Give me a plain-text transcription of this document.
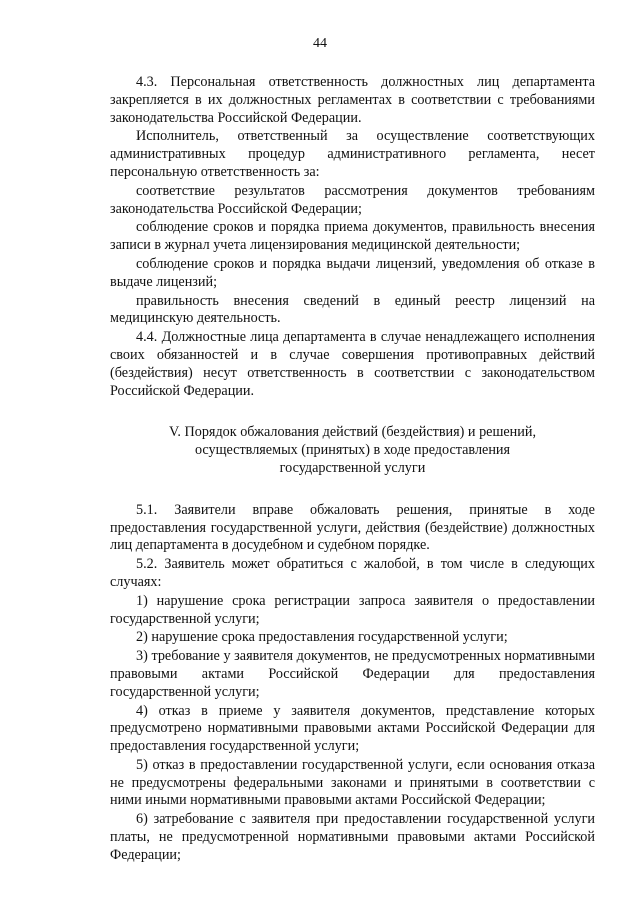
44

4.3. Персональная ответственность должностных лиц департамента закрепляется в их должностных регламентах в соответствии с требованиями законодательства Российской Федерации.

Исполнитель, ответственный за осуществление соответствующих административных процедур административного регламента, несет персональную ответственность за:

соответствие результатов рассмотрения документов требованиям законодательства Российской Федерации;

соблюдение сроков и порядка приема документов, правильность внесения записи в журнал учета лицензирования медицинской деятельности;

соблюдение сроков и порядка выдачи лицензий, уведомления об отказе в выдаче лицензий;

правильность внесения сведений в единый реестр лицензий на медицинскую деятельность.

4.4. Должностные лица департамента в случае ненадлежащего исполнения своих обязанностей и в случае совершения противоправных действий (бездействия) несут ответственность в соответствии с законодательством Российской Федерации.

V. Порядок обжалования действий (бездействия) и решений,
осуществляемых (принятых) в ходе предоставления
государственной услуги

5.1. Заявители вправе обжаловать решения, принятые в ходе предоставления государственной услуги, действия (бездействие) должностных лиц департамента в досудебном и судебном порядке.

5.2. Заявитель может обратиться с жалобой, в том числе в следующих случаях:

1) нарушение срока регистрации запроса заявителя о предоставлении государственной услуги;

2) нарушение срока предоставления государственной услуги;

3) требование у заявителя документов, не предусмотренных нормативными правовыми актами Российской Федерации для предоставления государственной услуги;

4) отказ в приеме у заявителя документов, представление которых предусмотрено нормативными правовыми актами Российской Федерации для предоставления государственной услуги;

5) отказ в предоставлении государственной услуги, если основания отказа не предусмотрены федеральными законами и принятыми в соответствии с ними иными нормативными правовыми актами Российской Федерации;

6) затребование с заявителя при предоставлении государственной услуги платы, не предусмотренной нормативными правовыми актами Российской Федерации;
